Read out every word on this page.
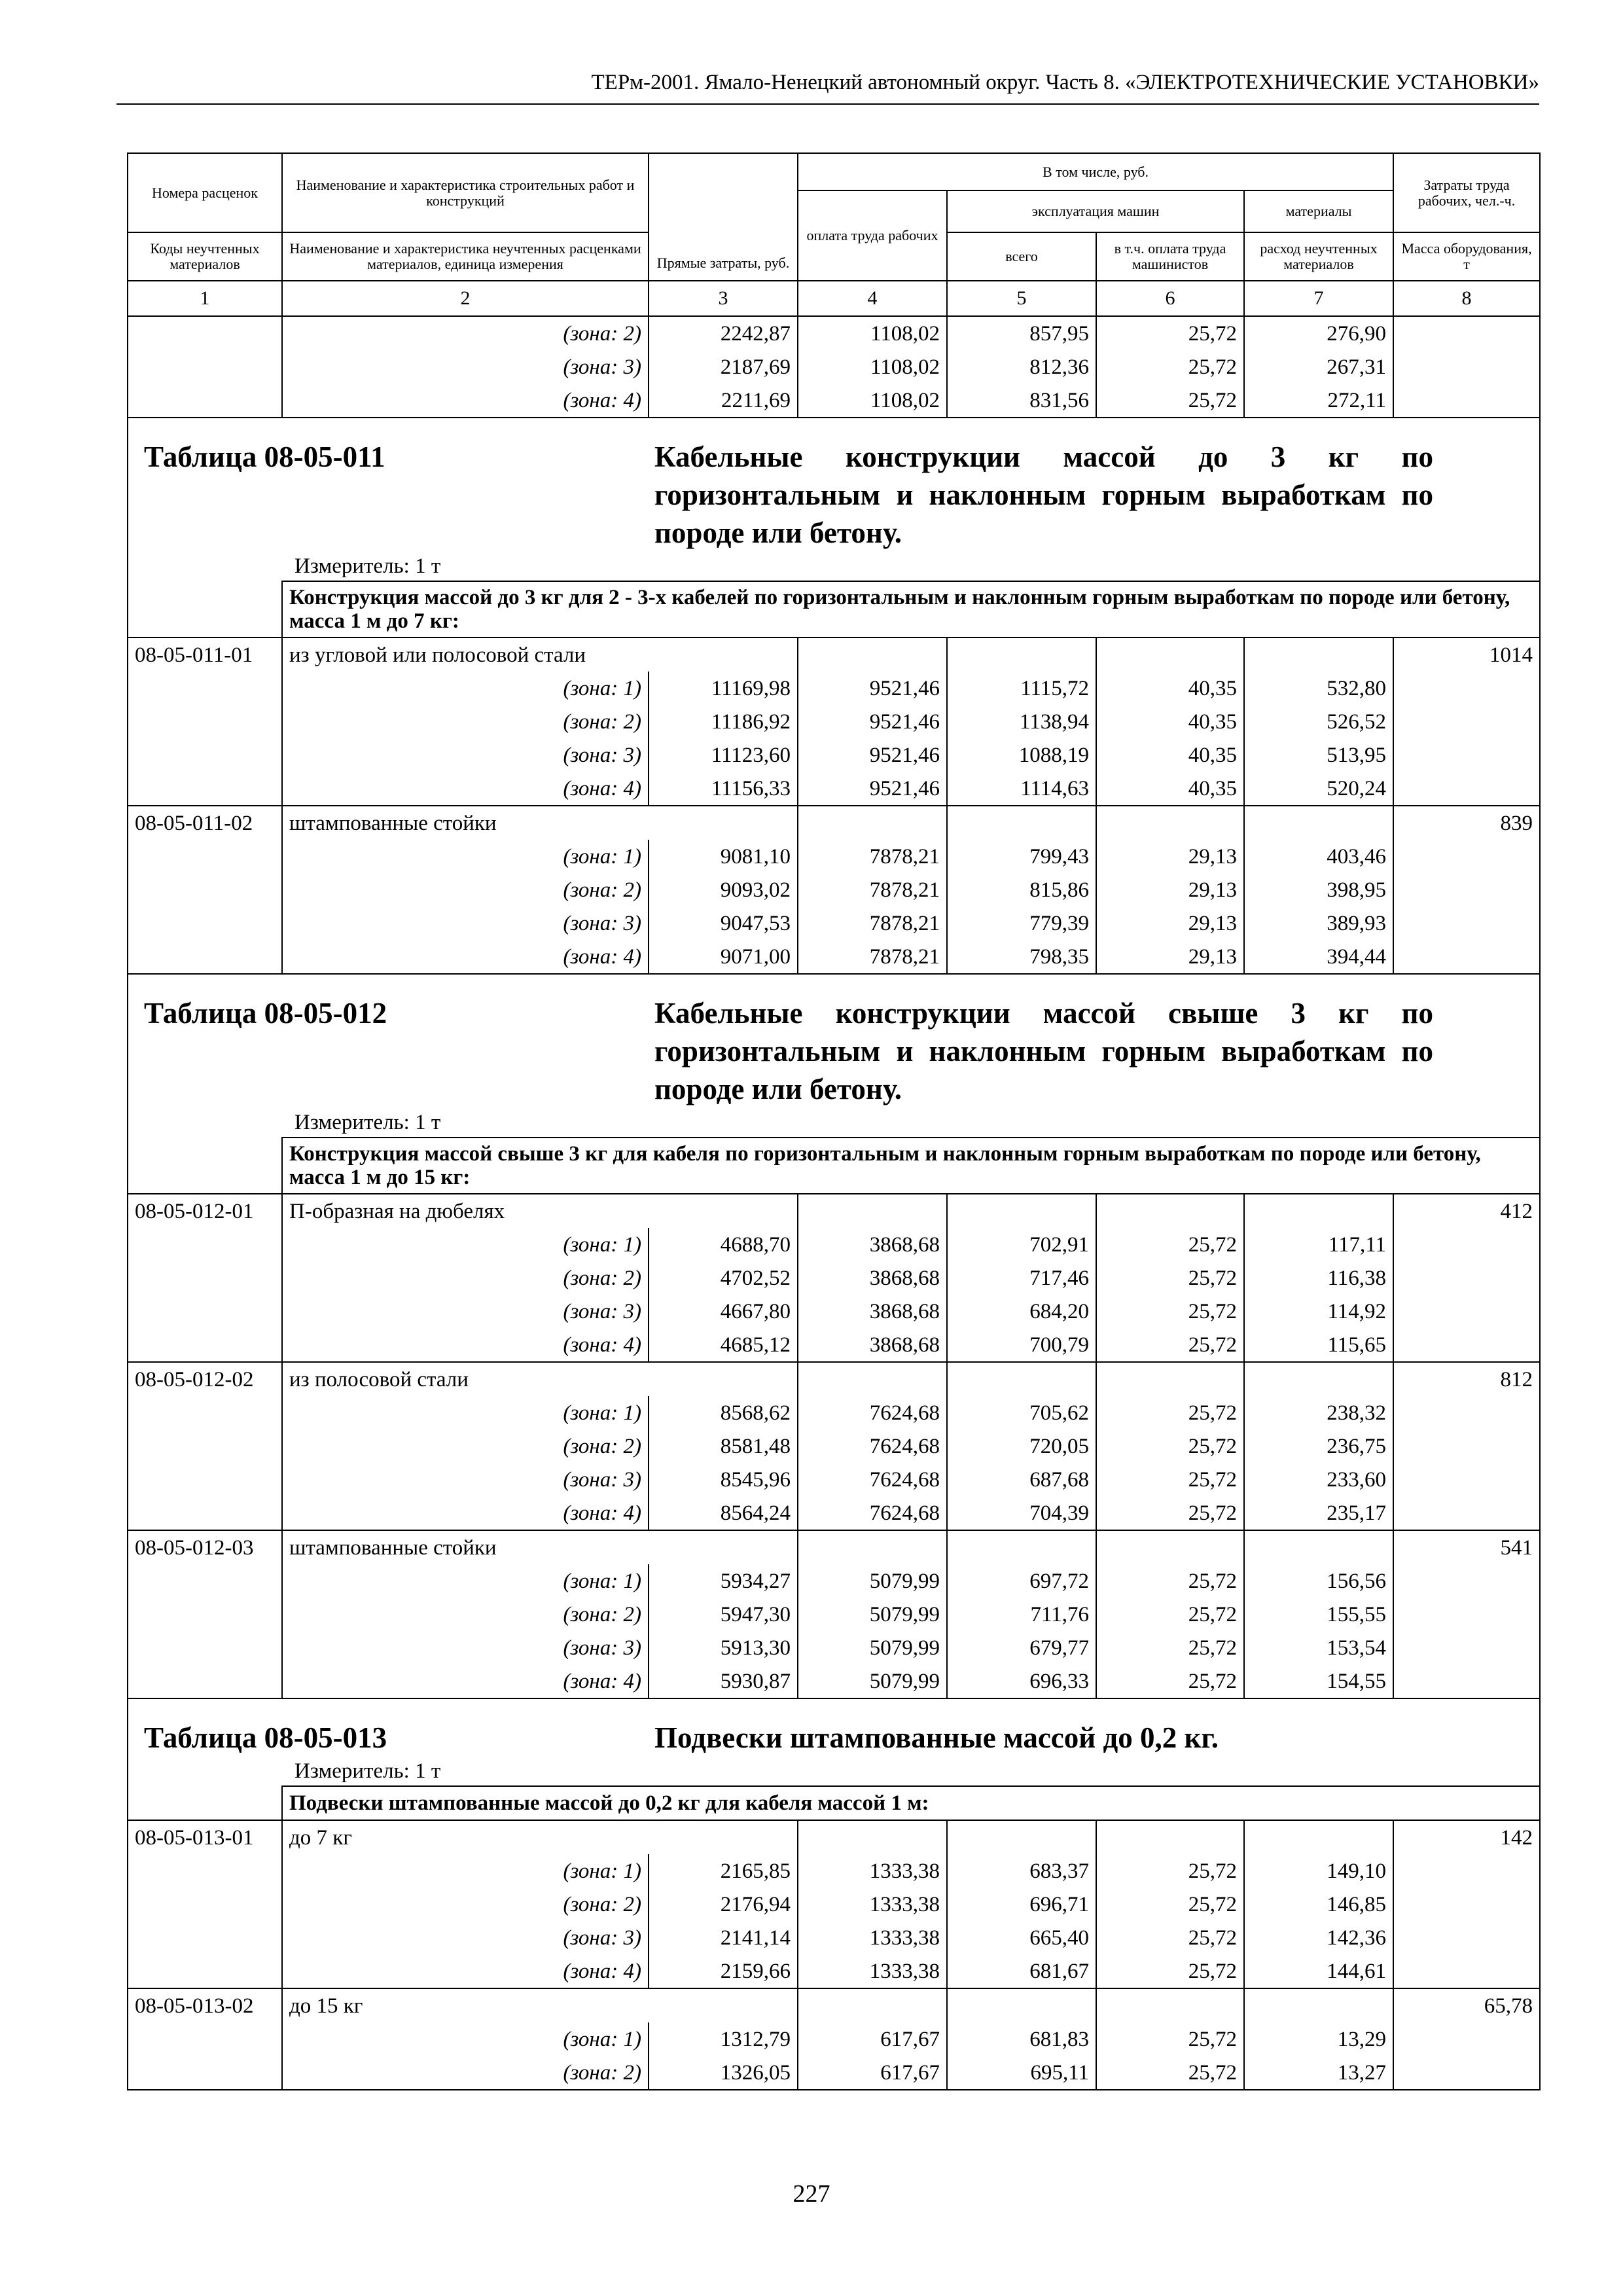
ТЕРм-2001. Ямало-Ненецкий автономный округ. Часть 8. «ЭЛЕКТРОТЕХНИЧЕСКИЕ УСТАНОВКИ»
Номера расценок	Наименование и характеристика строительных работ и конструкций	Прямые затраты, руб.	В том числе, руб.				Затраты труда рабочих, чел.-ч.
			оплата труда рабочих	эксплуатация машин		материалы	
Коды неучтенных материалов	Наименование и характеристика неучтенных расценками материалов, единица измерения			всего	в т.ч. оплата труда машинистов	расход неучтенных материалов	Масса оборудования, т

1	2	3	4	5	6	7	8
	(зона: 2)	2242,87	1108,02	857,95	25,72	276,90	
	(зона: 3)	2187,69	1108,02	812,36	25,72	267,31	
	(зона: 4)	2211,69	1108,02	831,56	25,72	272,11	
Таблица 08-05-011 Кабельные конструкции массой до 3 кг по горизонтальным и наклонным горным выработкам по породе или бетону.							
Измеритель: 1 т							
	Конструкция массой до 3 кг для 2 - 3-х кабелей по горизонтальным и наклонным горным выработкам по породе или бетону, масса 1 м до 7 кг:						
08-05-011-01	из угловой или полосовой стали						1014
	(зона: 1)	11169,98	9521,46	1115,72	40,35	532,80	
	(зона: 2)	11186,92	9521,46	1138,94	40,35	526,52	
	(зона: 3)	11123,60	9521,46	1088,19	40,35	513,95	
	(зона: 4)	11156,33	9521,46	1114,63	40,35	520,24	
08-05-011-02	штампованные стойки						839
	(зона: 1)	9081,10	7878,21	799,43	29,13	403,46	
	(зона: 2)	9093,02	7878,21	815,86	29,13	398,95	
	(зона: 3)	9047,53	7878,21	779,39	29,13	389,93	
	(зона: 4)	9071,00	7878,21	798,35	29,13	394,44	
Таблица 08-05-012 Кабельные конструкции массой свыше 3 кг по горизонтальным и наклонным горным выработкам по породе или бетону.							
Измеритель: 1 т							
	Конструкция массой свыше 3 кг для кабеля по горизонтальным и наклонным горным выработкам по породе или бетону, масса 1 м до 15 кг:						
08-05-012-01	П-образная на дюбелях						412
	(зона: 1)	4688,70	3868,68	702,91	25,72	117,11	
	(зона: 2)	4702,52	3868,68	717,46	25,72	116,38	
	(зона: 3)	4667,80	3868,68	684,20	25,72	114,92	
	(зона: 4)	4685,12	3868,68	700,79	25,72	115,65	
08-05-012-02	из полосовой стали						812
	(зона: 1)	8568,62	7624,68	705,62	25,72	238,32	
	(зона: 2)	8581,48	7624,68	720,05	25,72	236,75	
	(зона: 3)	8545,96	7624,68	687,68	25,72	233,60	
	(зона: 4)	8564,24	7624,68	704,39	25,72	235,17	
08-05-012-03	штампованные стойки						541
	(зона: 1)	5934,27	5079,99	697,72	25,72	156,56	
	(зона: 2)	5947,30	5079,99	711,76	25,72	155,55	
	(зона: 3)	5913,30	5079,99	679,77	25,72	153,54	
	(зона: 4)	5930,87	5079,99	696,33	25,72	154,55	
Таблица 08-05-013 Подвески штампованные массой до 0,2 кг.							
Измеритель: 1 т							
	Подвески штампованные массой до 0,2 кг для кабеля массой 1 м:						
08-05-013-01	до 7 кг						142
	(зона: 1)	2165,85	1333,38	683,37	25,72	149,10	
	(зона: 2)	2176,94	1333,38	696,71	25,72	146,85	
	(зона: 3)	2141,14	1333,38	665,40	25,72	142,36	
	(зона: 4)	2159,66	1333,38	681,67	25,72	144,61	
08-05-013-02	до 15 кг						65,78
	(зона: 1)	1312,79	617,67	681,83	25,72	13,29	
	(зона: 2)	1326,05	617,67	695,11	25,72	13,27	
227
